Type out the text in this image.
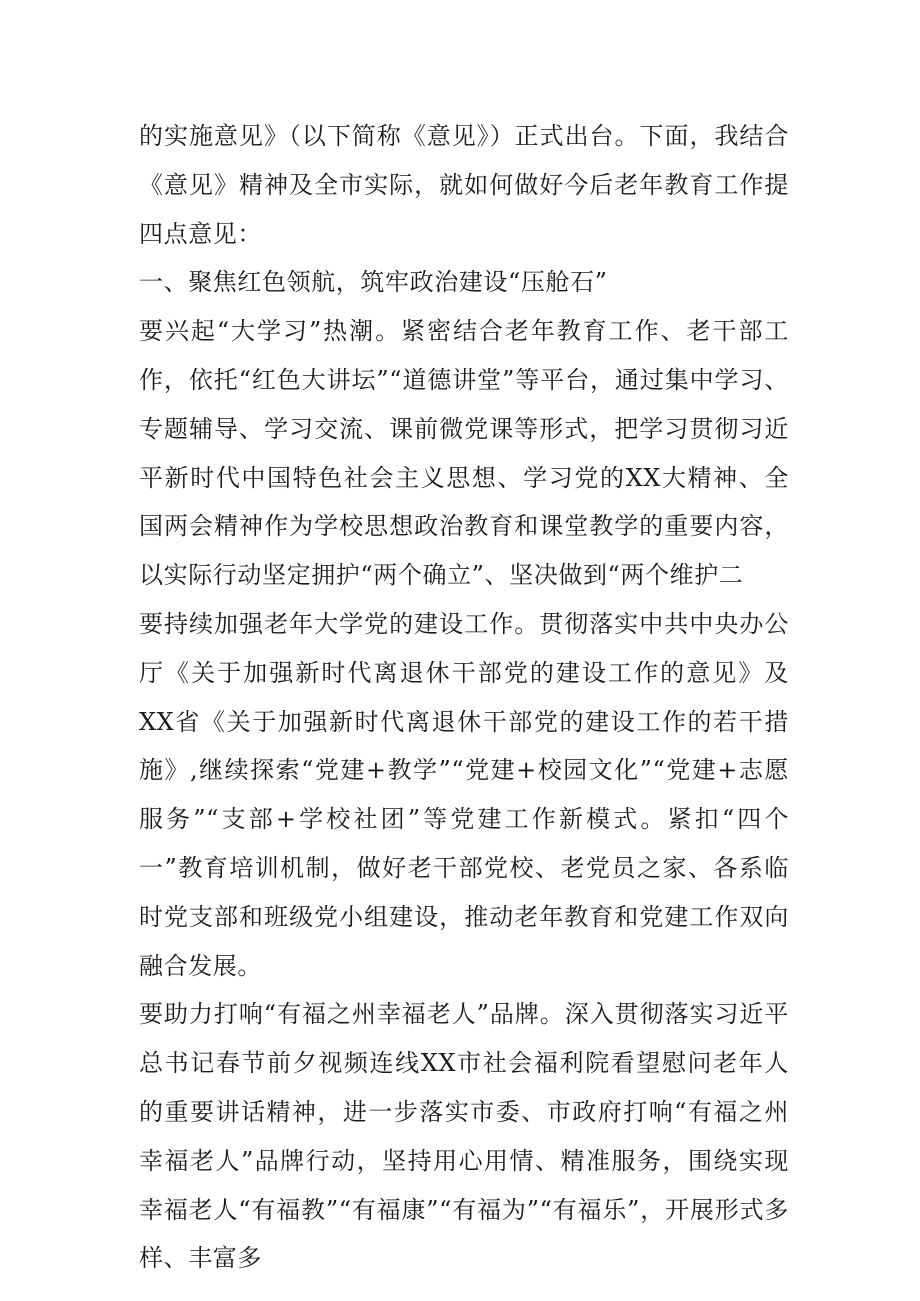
的实施意见》（以下简称《意见》）正式出台。下面，我结合《意见》精神及全市实际，就如何做好今后老年教育工作提四点意见：

一、聚焦红色领航，筑牢政治建设“压舱石”

要兴起“大学习”热潮。紧密结合老年教育工作、老干部工作，依托“红色大讲坛”“道德讲堂”等平台，通过集中学习、专题辅导、学习交流、课前微党课等形式，把学习贯彻习近平新时代中国特色社会主义思想、学习党的XX大精神、全国两会精神作为学校思想政治教育和课堂教学的重要内容，以实际行动坚定拥护“两个确立”、坚决做到“两个维护二

要持续加强老年大学党的建设工作。贯彻落实中共中央办公厅《关于加强新时代离退休干部党的建设工作的意见》及XX省《关于加强新时代离退休干部党的建设工作的若干措施》,继续探索“党建+教学”“党建+校园文化”“党建+志愿服务”“支部+学校社团”等党建工作新模式。紧扣“四个一”教育培训机制，做好老干部党校、老党员之家、各系临时党支部和班级党小组建设，推动老年教育和党建工作双向融合发展。

要助力打响“有福之州幸福老人”品牌。深入贯彻落实习近平总书记春节前夕视频连线XX市社会福利院看望慰问老年人的重要讲话精神，进一步落实市委、市政府打响“有福之州幸福老人”品牌行动，坚持用心用情、精准服务，围绕实现幸福老人“有福教”“有福康”“有福为”“有福乐”，开展形式多样、丰富多
